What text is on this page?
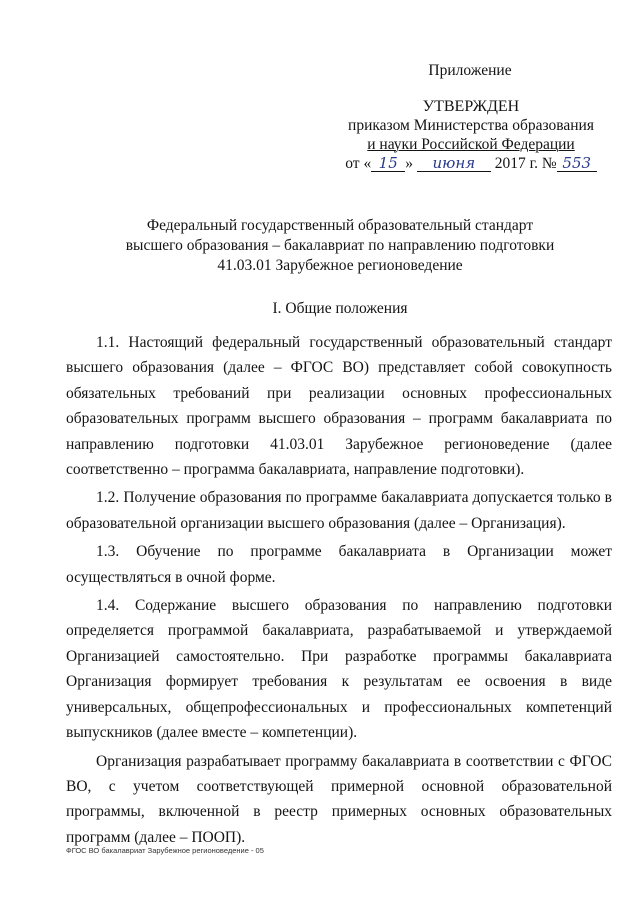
Приложение
УТВЕРЖДЕН
приказом Министерства образования
и науки Российской Федерации
от « 15 » июня 2017 г. № 553
Федеральный государственный образовательный стандарт
высшего образования – бакалавриат по направлению подготовки
41.03.01 Зарубежное регионоведение
I. Общие положения

1.1. Настоящий федеральный государственный образовательный стандарт высшего образования (далее – ФГОС ВО) представляет собой совокупность обязательных требований при реализации основных профессиональных образовательных программ высшего образования – программ бакалавриата по направлению подготовки 41.03.01 Зарубежное регионоведение (далее соответственно – программа бакалавриата, направление подготовки).

1.2. Получение образования по программе бакалавриата допускается только в образовательной организации высшего образования (далее – Организация).

1.3. Обучение по программе бакалавриата в Организации может осуществляться в очной форме.

1.4. Содержание высшего образования по направлению подготовки определяется программой бакалавриата, разрабатываемой и утверждаемой Организацией самостоятельно. При разработке программы бакалавриата Организация формирует требования к результатам ее освоения в виде универсальных, общепрофессиональных и профессиональных компетенций выпускников (далее вместе – компетенции).

Организация разрабатывает программу бакалавриата в соответствии с ФГОС ВО, с учетом соответствующей примерной основной образовательной программы, включенной в реестр примерных основных образовательных программ (далее – ПООП).

ФГОС ВО бакалавриат Зарубежное регионоведение - 05
